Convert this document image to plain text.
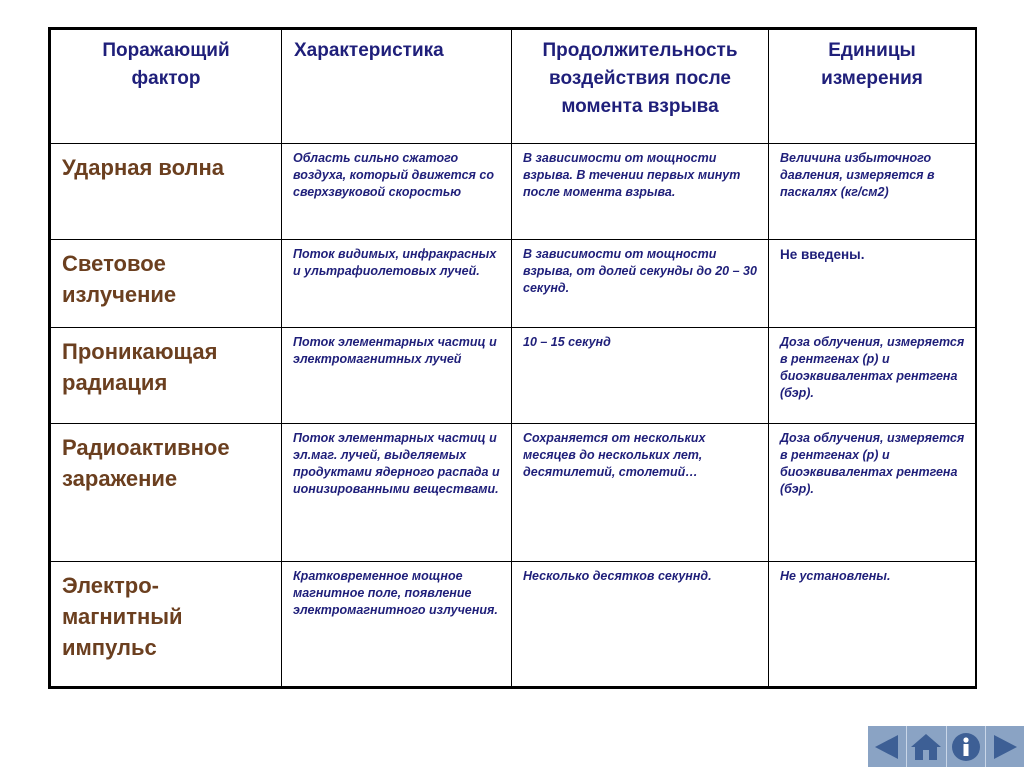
Поражающий фактор	Характеристика	Продолжительность воздействия после момента взрыва	Единицы измерения
Ударная волна	Область сильно сжатого воздуха, который движется со сверхзвуковой скоростью	В зависимости от мощности взрыва. В течении первых минут после момента взрыва.	Величина избыточного давления, измеряется в паскалях (кг/см2)
Световое излучение	Поток видимых, инфракрасных и ультрафиолетовых лучей.	В зависимости от мощности взрыва, от долей секунды до 20 – 30 секунд.	Не введены.
Проникающая радиация	Поток элементарных частиц и электромагнитных лучей	10 – 15 секунд	Доза облучения, измеряется в рентгенах (р) и биоэквивалентах рентгена (бэр).
Радиоактивное заражение	Поток элементарных частиц и эл.маг. лучей, выделяемых продуктами ядерного распада и ионизированными веществами.	Сохраняется от нескольких месяцев до нескольких лет, десятилетий, столетий…	Доза облучения, измеряется в рентгенах (р) и биоэквивалентах рентгена (бэр).
Электро-магнитный импульс	Кратковременное мощное магнитное поле, появление электромагнитного излучения.	Несколько десятков секуннд.	Не установлены.
